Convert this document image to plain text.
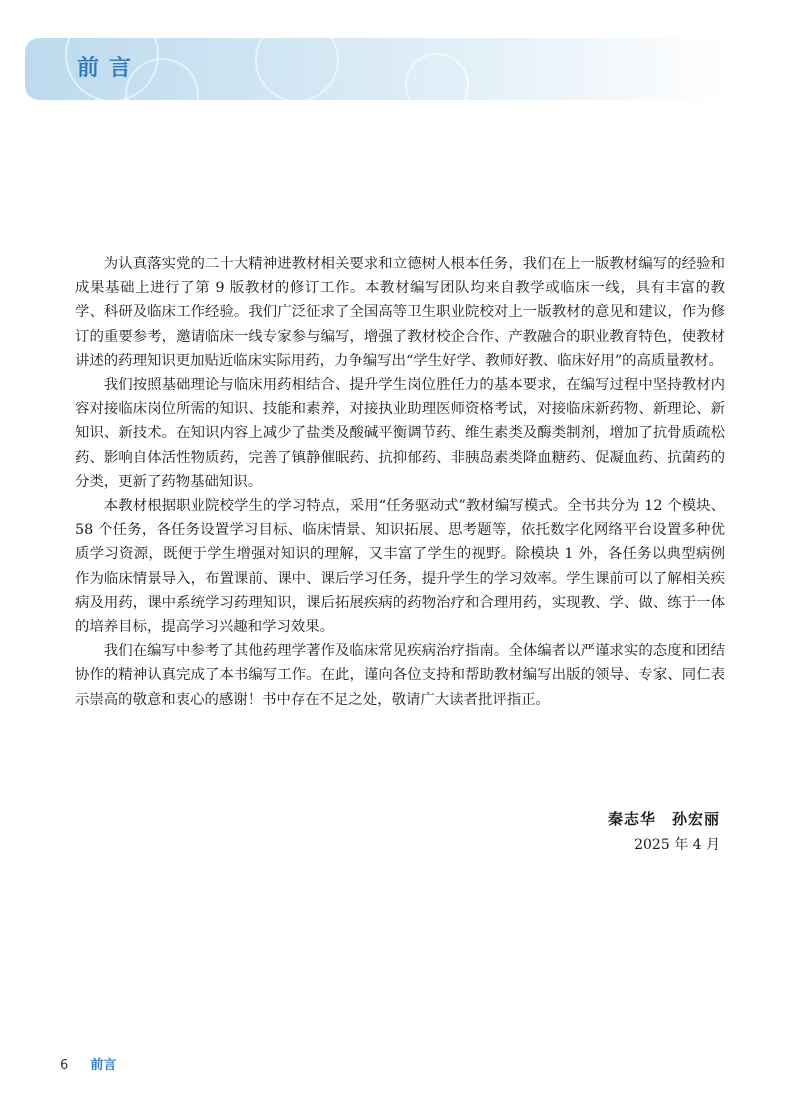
前言

为认真落实党的二十大精神进教材相关要求和立德树人根本任务，我们在上一版教材编写的经验和成果基础上进行了第 9 版教材的修订工作。本教材编写团队均来自教学或临床一线，具有丰富的教学、科研及临床工作经验。我们广泛征求了全国高等卫生职业院校对上一版教材的意见和建议，作为修订的重要参考，邀请临床一线专家参与编写，增强了教材校企合作、产教融合的职业教育特色，使教材讲述的药理知识更加贴近临床实际用药，力争编写出“学生好学、教师好教、临床好用”的高质量教材。

我们按照基础理论与临床用药相结合、提升学生岗位胜任力的基本要求，在编写过程中坚持教材内容对接临床岗位所需的知识、技能和素养，对接执业助理医师资格考试，对接临床新药物、新理论、新知识、新技术。在知识内容上减少了盐类及酸碱平衡调节药、维生素类及酶类制剂，增加了抗骨质疏松药、影响自体活性物质药，完善了镇静催眠药、抗抑郁药、非胰岛素类降血糖药、促凝血药、抗菌药的分类，更新了药物基础知识。

本教材根据职业院校学生的学习特点，采用“任务驱动式”教材编写模式。全书共分为 12 个模块、58 个任务，各任务设置学习目标、临床情景、知识拓展、思考题等，依托数字化网络平台设置多种优质学习资源，既便于学生增强对知识的理解，又丰富了学生的视野。除模块 1 外，各任务以典型病例作为临床情景导入，布置课前、课中、课后学习任务，提升学生的学习效率。学生课前可以了解相关疾病及用药，课中系统学习药理知识，课后拓展疾病的药物治疗和合理用药，实现教、学、做、练于一体的培养目标，提高学习兴趣和学习效果。

我们在编写中参考了其他药理学著作及临床常见疾病治疗指南。全体编者以严谨求实的态度和团结协作的精神认真完成了本书编写工作。在此，谨向各位支持和帮助教材编写出版的领导、专家、同仁表示崇高的敬意和衷心的感谢！书中存在不足之处，敬请广大读者批评指正。

秦志华　孙宏丽
2025 年 4 月
6 前言
